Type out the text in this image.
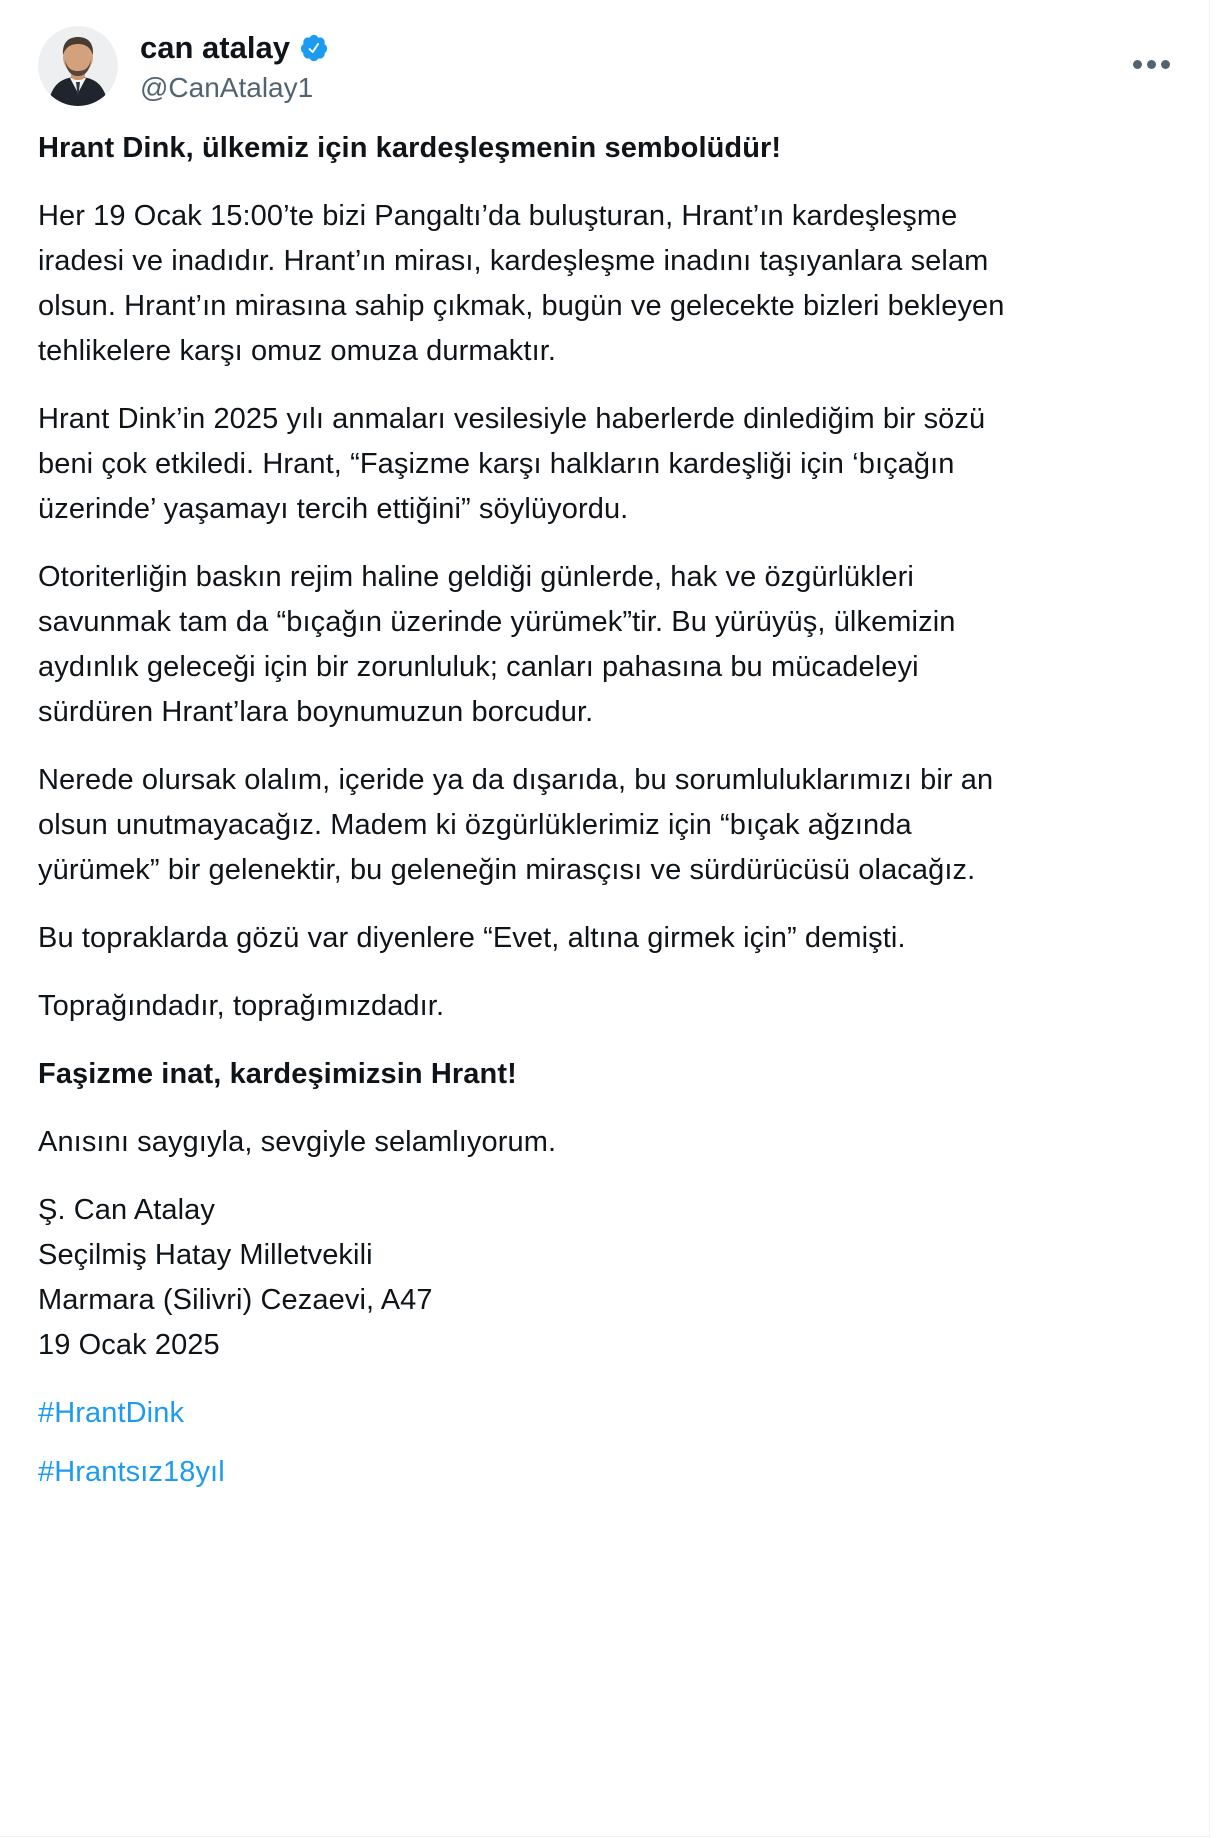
can atalay
@CanAtalay1

Hrant Dink, ülkemiz için kardeşleşmenin sembolüdür!

Her 19 Ocak 15:00’te bizi Pangaltı’da buluşturan, Hrant’ın kardeşleşme iradesi ve inadıdır. Hrant’ın mirası, kardeşleşme inadını taşıyanlara selam olsun. Hrant’ın mirasına sahip çıkmak, bugün ve gelecekte bizleri bekleyen tehlikelere karşı omuz omuza durmaktır.

Hrant Dink’in 2025 yılı anmaları vesilesiyle haberlerde dinlediğim bir sözü beni çok etkiledi. Hrant, “Faşizme karşı halkların kardeşliği için ‘bıçağın üzerinde’ yaşamayı tercih ettiğini” söylüyordu.

Otoriterliğin baskın rejim haline geldiği günlerde, hak ve özgürlükleri savunmak tam da “bıçağın üzerinde yürümek”tir. Bu yürüyüş, ülkemizin aydınlık geleceği için bir zorunluluk; canları pahasına bu mücadeleyi sürdüren Hrant’lara boynumuzun borcudur.

Nerede olursak olalım, içeride ya da dışarıda, bu sorumluluklarımızı bir an olsun unutmayacağız. Madem ki özgürlüklerimiz için “bıçak ağzında yürümek” bir gelenektir, bu geleneğin mirasçısı ve sürdürücüsü olacağız.

Bu topraklarda gözü var diyenlere “Evet, altına girmek için” demişti.

Toprağındadır, toprağımızdadır.

Faşizme inat, kardeşimizsin Hrant!

Anısını saygıyla, sevgiyle selamlıyorum.

Ş. Can Atalay
Seçilmiş Hatay Milletvekili
Marmara (Silivri) Cezaevi, A47
19 Ocak 2025

#HrantDink

#Hrantsız18yıl
